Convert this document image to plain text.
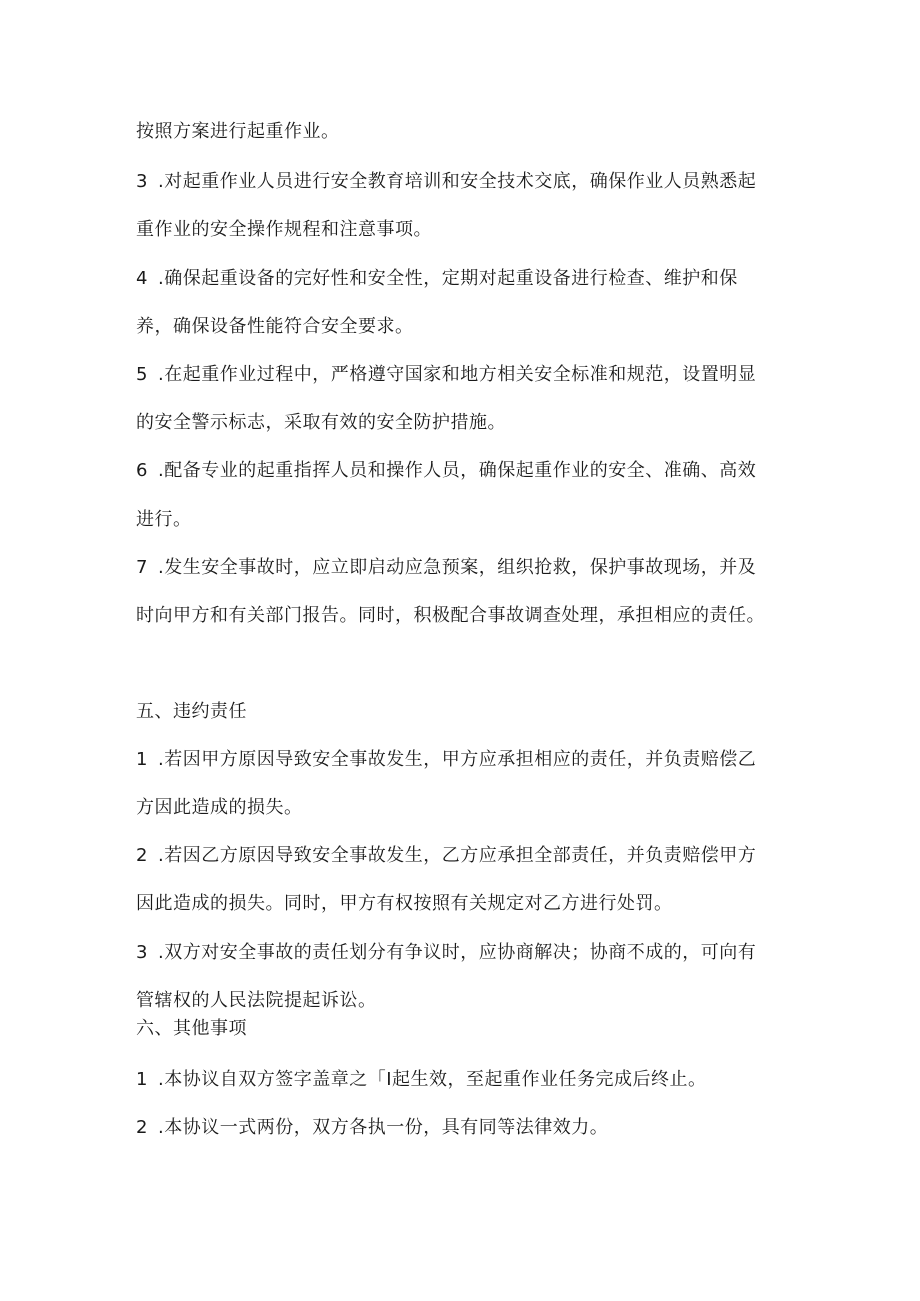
按照方案进行起重作业。
3 .对起重作业人员进行安全教育培训和安全技术交底，确保作业人员熟悉起
重作业的安全操作规程和注意事项。
4 .确保起重设备的完好性和安全性，定期对起重设备进行检查、维护和保
养，确保设备性能符合安全要求。
5 .在起重作业过程中，严格遵守国家和地方相关安全标准和规范，设置明显
的安全警示标志，采取有效的安全防护措施。
6 .配备专业的起重指挥人员和操作人员，确保起重作业的安全、准确、高效
进行。
7 .发生安全事故时，应立即启动应急预案，组织抢救，保护事故现场，并及
时向甲方和有关部门报告。同时，积极配合事故调查处理，承担相应的责任。
五、违约责任
1 .若因甲方原因导致安全事故发生，甲方应承担相应的责任，并负责赔偿乙
方因此造成的损失。
2 .若因乙方原因导致安全事故发生，乙方应承担全部责任，并负责赔偿甲方
因此造成的损失。同时，甲方有权按照有关规定对乙方进行处罚。
3 .双方对安全事故的责任划分有争议时，应协商解决；协商不成的，可向有
管辖权的人民法院提起诉讼。
六、其他事项
1 .本协议自双方签字盖章之「I起生效，至起重作业任务完成后终止。
2 .本协议一式两份，双方各执一份，具有同等法律效力。
